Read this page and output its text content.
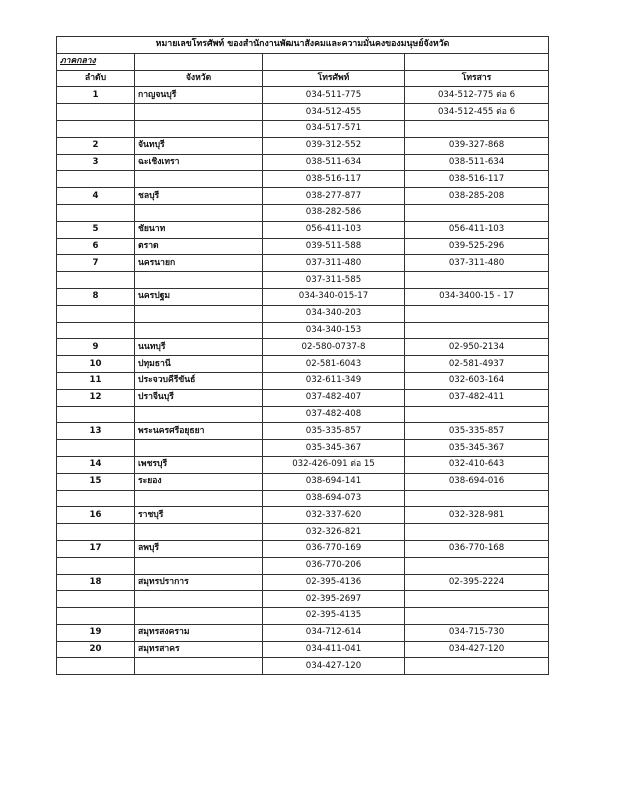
หมายเลขโทรศัพท์ ของสำนักงานพัฒนาสังคมและความมั่นคงของมนุษย์จังหวัด			
ภาคกลาง			
ลำดับ	จังหวัด	โทรศัพท์	โทรสาร
1	กาญจนบุรี	034-511-775	034-512-775 ต่อ 6
		034-512-455	034-512-455 ต่อ 6
		034-517-571	
2	จันทบุรี	039-312-552	039-327-868
3	ฉะเชิงเทรา	038-511-634	038-511-634
		038-516-117	038-516-117
4	ชลบุรี	038-277-877	038-285-208
		038-282-586	
5	ชัยนาท	056-411-103	056-411-103
6	ตราด	039-511-588	039-525-296
7	นครนายก	037-311-480	037-311-480
		037-311-585	
8	นครปฐม	034-340-015-17	034-3400-15 - 17
		034-340-203	
		034-340-153	
9	นนทบุรี	02-580-0737-8	02-950-2134
10	ปทุมธานี	02-581-6043	02-581-4937
11	ประจวบคีรีขันธ์	032-611-349	032-603-164
12	ปราจีนบุรี	037-482-407	037-482-411
		037-482-408	
13	พระนครศรีอยุธยา	035-335-857	035-335-857
		035-345-367	035-345-367
14	เพชรบุรี	032-426-091 ต่อ 15	032-410-643
15	ระยอง	038-694-141	038-694-016
		038-694-073	
16	ราชบุรี	032-337-620	032-328-981
		032-326-821	
17	ลพบุรี	036-770-169	036-770-168
		036-770-206	
18	สมุทรปราการ	02-395-4136	02-395-2224
		02-395-2697	
		02-395-4135	
19	สมุทรสงคราม	034-712-614	034-715-730
20	สมุทรสาคร	034-411-041	034-427-120
		034-427-120	
